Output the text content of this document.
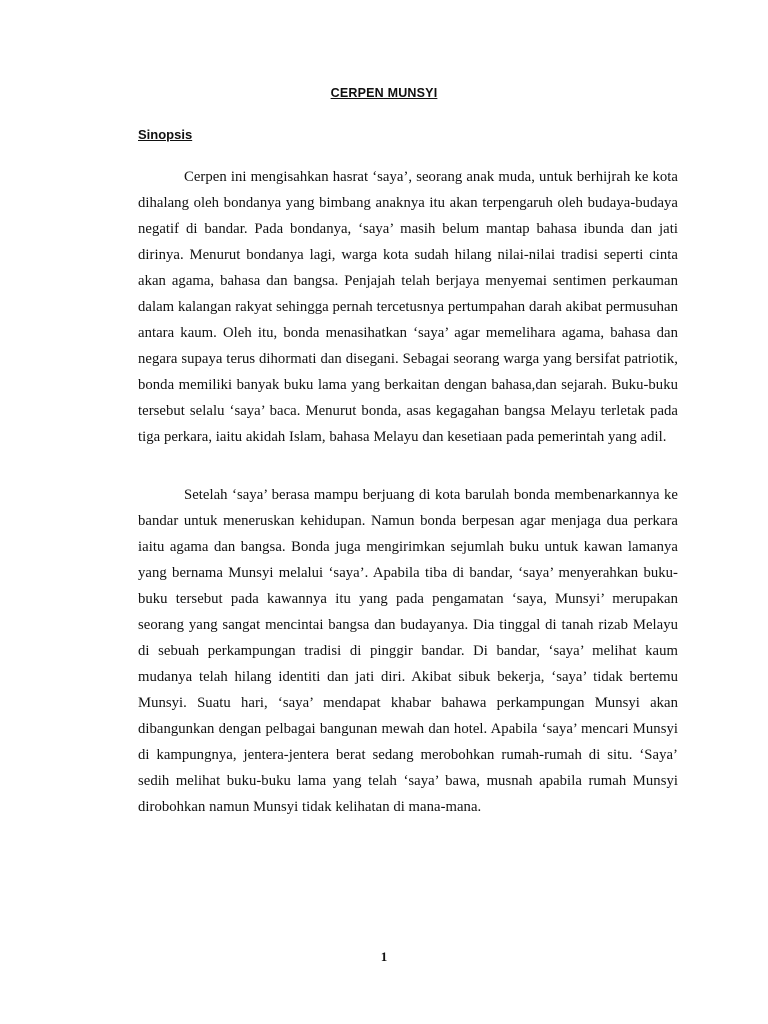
CERPEN MUNSYI
Sinopsis

Cerpen ini mengisahkan hasrat ‘saya’, seorang anak muda, untuk berhijrah ke kota dihalang oleh bondanya yang bimbang anaknya itu akan terpengaruh oleh budaya-budaya negatif di bandar. Pada bondanya, ‘saya’ masih belum mantap bahasa ibunda dan jati dirinya. Menurut bondanya lagi, warga kota sudah hilang nilai-nilai tradisi seperti cinta akan agama, bahasa dan bangsa. Penjajah telah berjaya menyemai sentimen perkauman dalam kalangan rakyat sehingga pernah tercetusnya pertumpahan darah akibat permusuhan antara kaum. Oleh itu, bonda menasihatkan ‘saya’ agar memelihara agama, bahasa dan negara supaya terus dihormati dan disegani. Sebagai seorang warga yang bersifat patriotik, bonda memiliki banyak buku lama yang berkaitan dengan bahasa,dan sejarah. Buku-buku tersebut selalu ‘saya’ baca. Menurut bonda, asas kegagahan bangsa Melayu terletak pada tiga perkara, iaitu akidah Islam, bahasa Melayu dan kesetiaan pada pemerintah yang adil.

Setelah ‘saya’ berasa mampu berjuang di kota barulah bonda membenarkannya ke bandar untuk meneruskan kehidupan. Namun bonda berpesan agar menjaga dua perkara iaitu agama dan bangsa. Bonda juga mengirimkan sejumlah buku untuk kawan lamanya yang bernama Munsyi melalui ‘saya’. Apabila tiba di bandar, ‘saya’ menyerahkan buku-buku tersebut pada kawannya itu yang pada pengamatan ‘saya, Munsyi’ merupakan seorang yang sangat mencintai bangsa dan budayanya. Dia tinggal di tanah rizab Melayu di sebuah perkampungan tradisi di pinggir bandar. Di bandar, ‘saya’ melihat kaum mudanya telah hilang identiti dan jati diri. Akibat sibuk bekerja, ‘saya’ tidak bertemu Munsyi. Suatu hari, ‘saya’ mendapat khabar bahawa perkampungan Munsyi akan dibangunkan dengan pelbagai bangunan mewah dan hotel. Apabila ‘saya’ mencari Munsyi di kampungnya, jentera-jentera berat sedang merobohkan rumah-rumah di situ. ‘Saya’ sedih melihat buku-buku lama yang telah ‘saya’ bawa, musnah apabila rumah Munsyi dirobohkan namun Munsyi tidak kelihatan di mana-mana.

1
